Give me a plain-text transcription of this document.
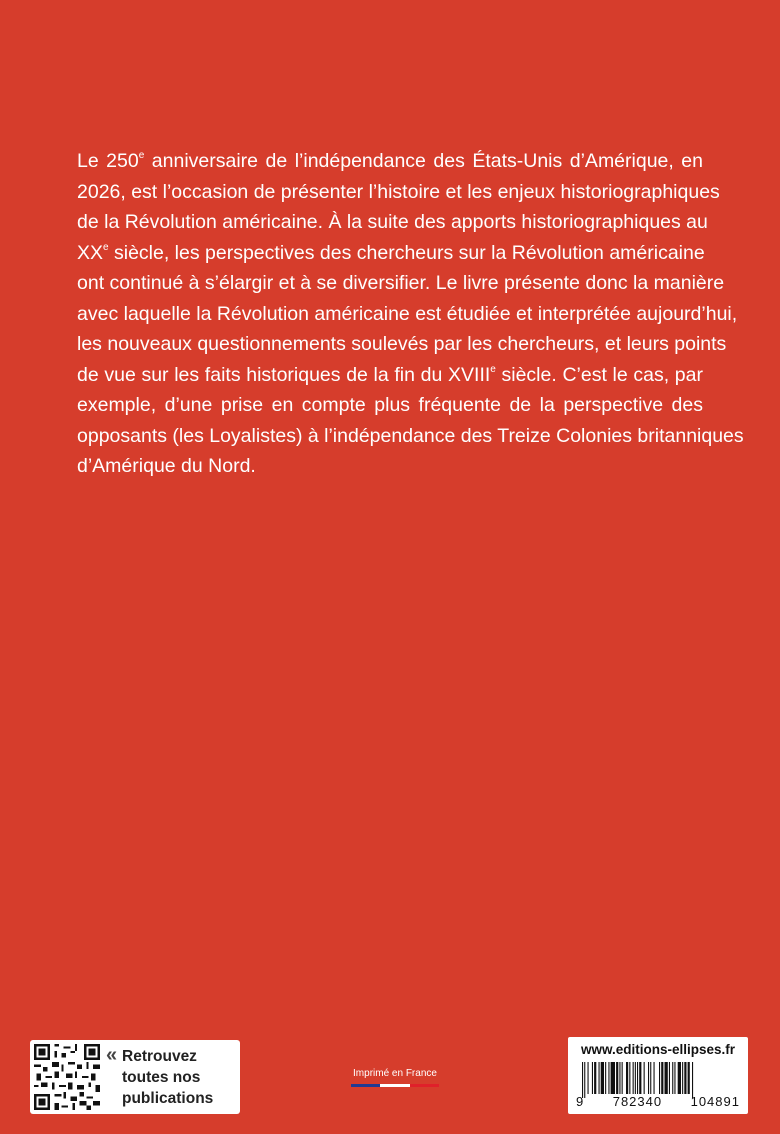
Le 250e anniversaire de l’indépendance des États-Unis d’Amérique, en
2026, est l’occasion de présenter l’histoire et les enjeux historiographiques
de la Révolution américaine. À la suite des apports historiographiques au
XXe siècle, les perspectives des chercheurs sur la Révolution américaine
ont continué à s’élargir et à se diversifier. Le livre présente donc la manière
avec laquelle la Révolution américaine est étudiée et interprétée aujourd’hui,
les nouveaux questionnements soulevés par les chercheurs, et leurs points
de vue sur les faits historiques de la fin du XVIIIe siècle. C’est le cas, par
exemple, d’une prise en compte plus fréquente de la perspective des
opposants (les Loyalistes) à l’indépendance des Treize Colonies britanniques
d’Amérique du Nord.
« Retrouvez
toutes nos
publications
Imprimé en France
www.editions-ellipses.fr
9 782340 104891
